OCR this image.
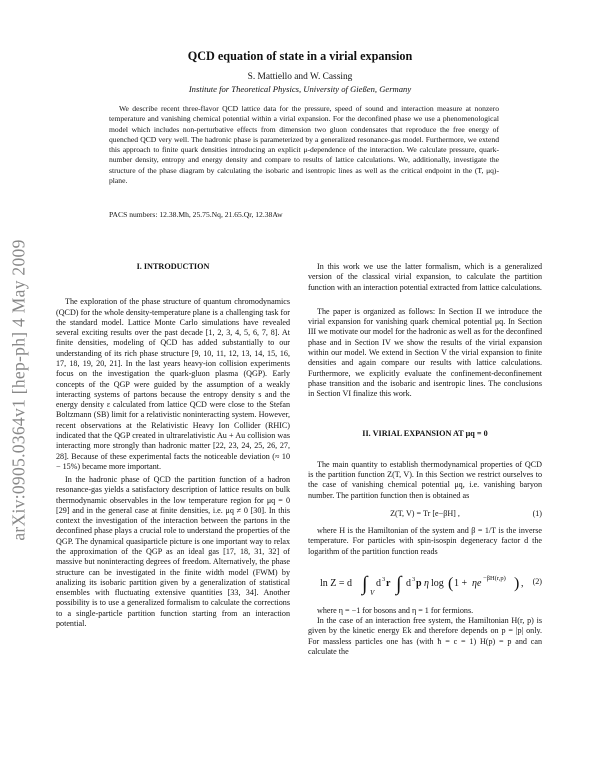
arXiv:0905.0364v1 [hep-ph] 4 May 2009
QCD equation of state in a virial expansion
S. Mattiello and W. Cassing
Institute for Theoretical Physics, University of Gießen, Germany

We describe recent three-flavor QCD lattice data for the pressure, speed of sound and interaction measure at nonzero temperature and vanishing chemical potential within a virial expansion. For the deconfined phase we use a phenomenological model which includes non-perturbative effects from dimension two gluon condensates that reproduce the free energy of quenched QCD very well. The hadronic phase is parameterized by a generalized resonance-gas model. Furthermore, we extend this approach to finite quark densities introducing an explicit μ-dependence of the interaction. We calculate pressure, quark-number density, entropy and energy density and compare to results of lattice calculations. We, additionally, investigate the structure of the phase diagram by calculating the isobaric and isentropic lines as well as the critical endpoint in the (T, μq)-plane.

PACS numbers: 12.38.Mh, 25.75.Nq, 21.65.Qr, 12.38Aw
I. INTRODUCTION

The exploration of the phase structure of quantum chromodynamics (QCD) for the whole density-temperature plane is a challenging task for the standard model. Lattice Monte Carlo simulations have revealed several exciting results over the past decade [1, 2, 3, 4, 5, 6, 7, 8]. At finite densities, modeling of QCD has added substantially to our understanding of its rich phase structure [9, 10, 11, 12, 13, 14, 15, 16, 17, 18, 19, 20, 21]. In the last years heavy-ion collision experiments focus on the investigation the quark-gluon plasma (QGP). Early concepts of the QGP were guided by the assumption of a weakly interacting systems of partons because the entropy density s and the energy density ε calculated from lattice QCD were close to the Stefan Boltzmann (SB) limit for a relativistic noninteracting system. However, recent observations at the Relativistic Heavy Ion Collider (RHIC) indicated that the QGP created in ultrarelativistic Au + Au collision was interacting more strongly than hadronic matter [22, 23, 24, 25, 26, 27, 28]. Because of these experimental facts the noticeable deviation (≈ 10 − 15%) became more important.

In the hadronic phase of QCD the partition function of a hadron resonance-gas yields a satisfactory description of lattice results on bulk thermodynamic observables in the low temperature region for μq = 0 [29] and in the general case at finite densities, i.e. μq ≠ 0 [30]. In this context the investigation of the interaction between the partons in the deconfined phase plays a crucial role to understand the properties of the QGP. The dynamical quasiparticle picture is one important way to relax the approximation of the QGP as an ideal gas [17, 18, 31, 32] of massive but noninteracting degrees of freedom. Alternatively, the phase structure can be investigated in the finite width model (FWM) by analizing its isobaric partition given by a generalization of statistical ensembles with fluctuating extensive quantities [33, 34]. Another possibility is to use a generalized formalism to calculate the corrections to a single-particle partition function starting from an interaction potential.

In this work we use the latter formalism, which is a generalized version of the classical virial expansion, to calculate the partition function with an interaction potential extracted from lattice calculations.

The paper is organized as follows: In Section II we introduce the virial expansion for vanishing quark chemical potential μq. In Section III we motivate our model for the hadronic as well as for the deconfined phase and in Section IV we show the results of the virial expansion within our model. We extend in Section V the virial expansion to finite densities and again compare our results with lattice calculations. Furthermore, we explicitly evaluate the confinement-deconfinement phase transition and the isobaric and isentropic lines. The conclusions in Section VI finalize this work.

II. VIRIAL EXPANSION AT μq = 0

The main quantity to establish thermodynamical properties of QCD is the partition function Z(T, V). In this Section we restrict ourselves to the case of vanishing chemical potential μq, i.e. vanishing baryon number. The partition function then is obtained as

Z(T, V) = Tr [e−βH] ,	(1)

where H is the Hamiltonian of the system and β = 1/T is the inverse temperature. For particles with spin-isospin degeneracy factor d the logarithm of the partition function reads

ln Z = d ∫ V
d 3 r ∫ d 3 p η log ( 1 + ηe −βH(r,p) ) , (2)

where η = −1 for bosons and η = 1 for fermions.

In the case of an interaction free system, the Hamiltonian H(r, p) is given by the kinetic energy Ek and therefore depends on p = |p| only. For massless particles one has (with ħ = c = 1) H(p) = p and can calculate the
